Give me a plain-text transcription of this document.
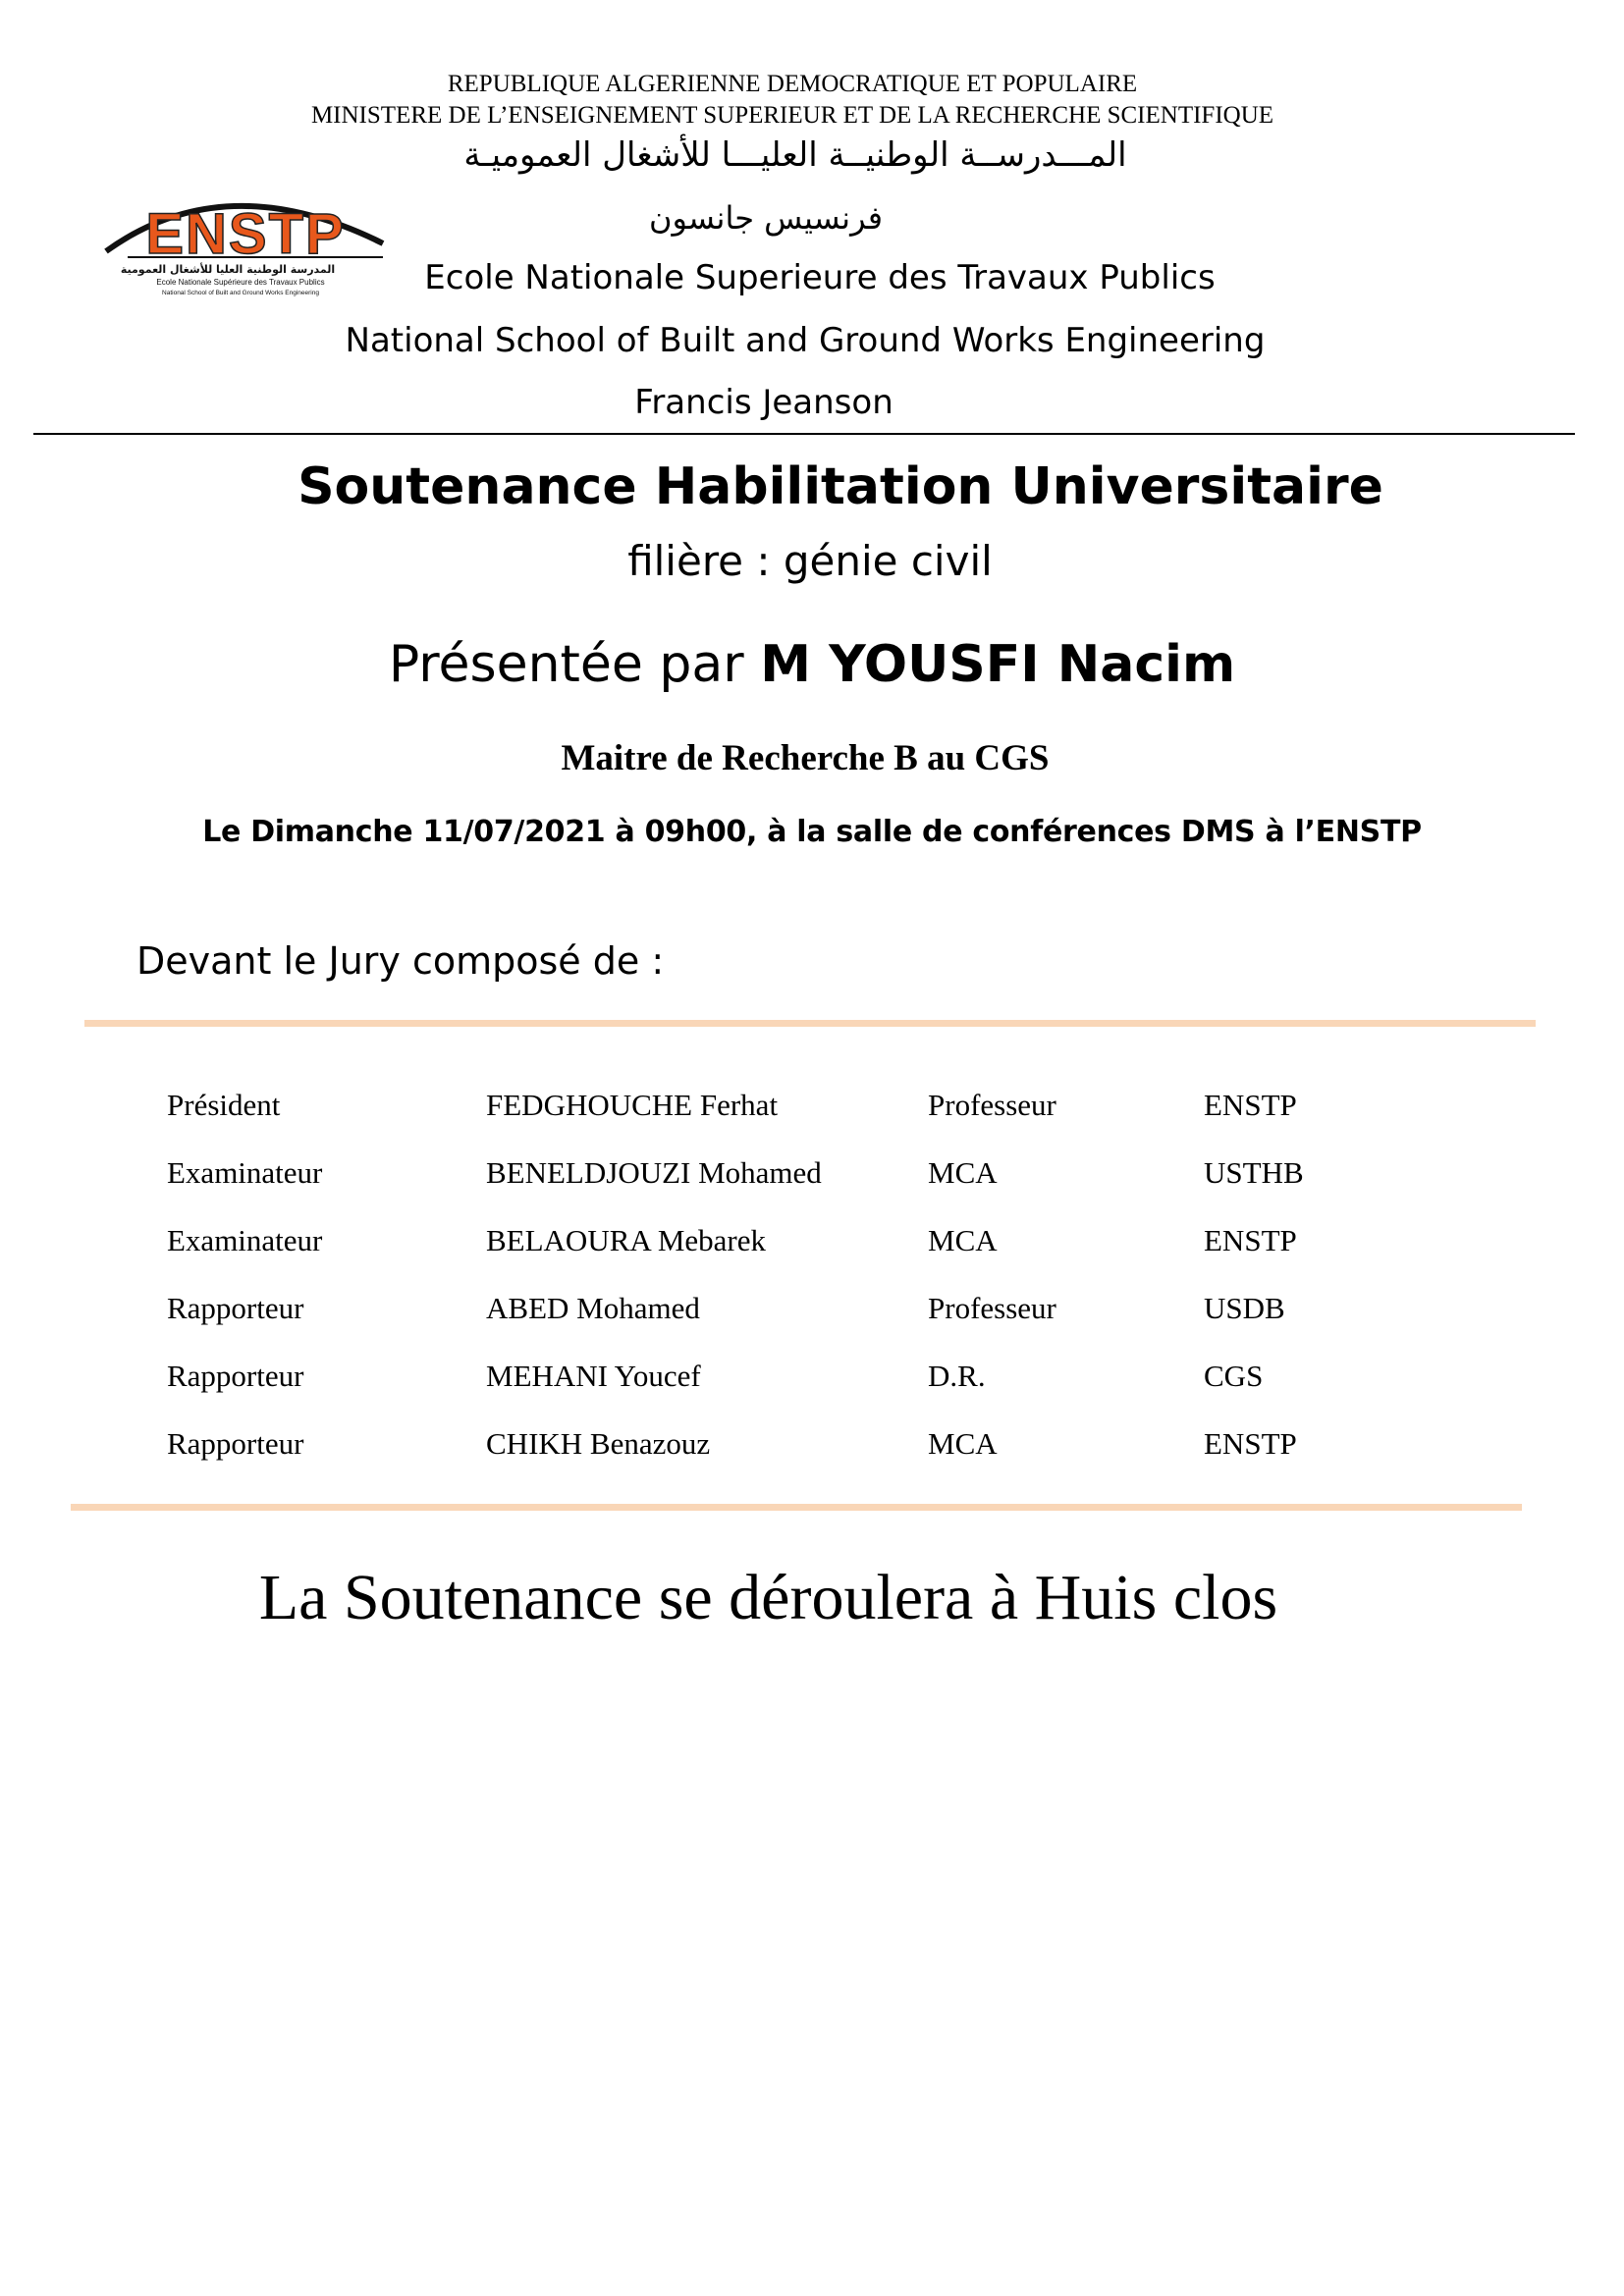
REPUBLIQUE ALGERIENNE DEMOCRATIQUE ET POPULAIRE
MINISTERE DE L’ENSEIGNEMENT SUPERIEUR ET DE LA RECHERCHE SCIENTIFIQUE
المـــدرســة الوطنيــة العليـــا للأشغال العموميـة
فرنسيس جانسون
Ecole Nationale Superieure des Travaux Publics
National School of Built and Ground Works Engineering
Francis Jeanson
ENSTP
المدرسة الوطنية العليا للأشغال العمومية
Ecole Nationale Supérieure des Travaux Publics
National School of Built and Ground Works Engineering
Soutenance Habilitation Universitaire
filière : génie civil
Présentée par M YOUSFI Nacim
Maitre de Recherche B au CGS
Le Dimanche 11/07/2021 à 09h00, à la salle de conférences DMS à l’ENSTP
Devant le Jury composé de :
Président	FEDGHOUCHE Ferhat	Professeur	ENSTP
Examinateur	BENELDJOUZI Mohamed	MCA	USTHB
Examinateur	BELAOURA Mebarek	MCA	ENSTP
Rapporteur	ABED Mohamed	Professeur	USDB
Rapporteur	MEHANI Youcef	D.R.	CGS
Rapporteur	CHIKH Benazouz	MCA	ENSTP
La Soutenance se déroulera à Huis clos
